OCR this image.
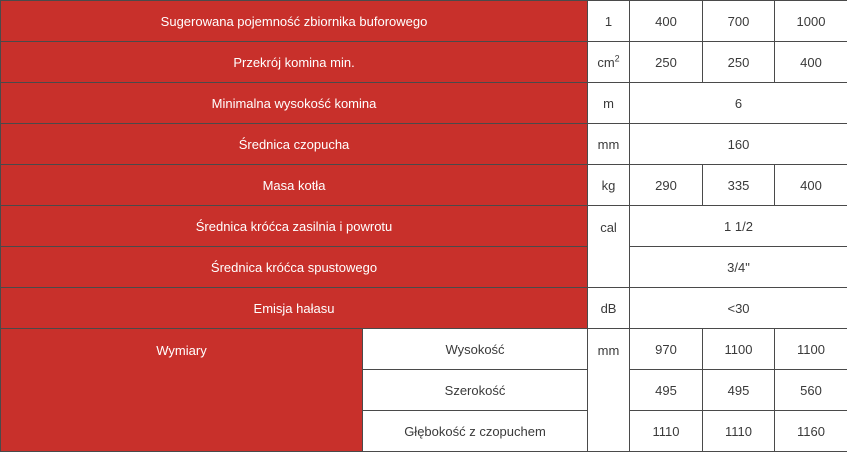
Sugerowana pojemność zbiornika buforowego		1	400	700	1000
Przekrój komina min.		$cm^2$	250	250	400
Minimalna wysokość komina		m	6		
Średnica czopucha		mm	160		
Masa kotła		kg	290	335	400
Średnica króćca zasilnia i powrotu		cal	1 1/2		
Średnica króćca spustowego			3/4"		
Emisja hałasu		dB	<30		
Wymiary	Wysokość	mm	970	1100	1100
	Szerokość		495	495	560
	Głębokość z czopuchem		1110	1110	1160
